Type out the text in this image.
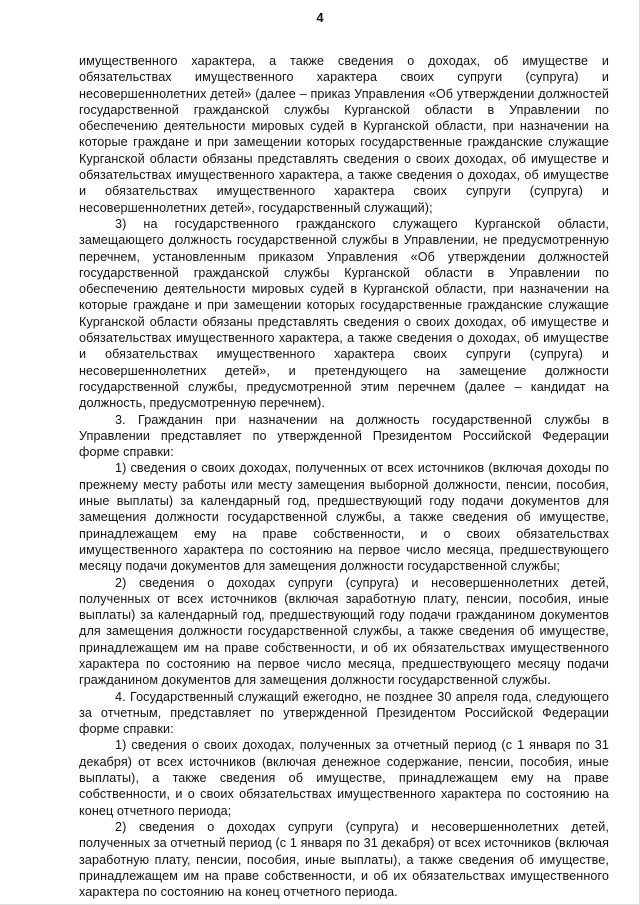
4

имущественного характера, а также сведения о доходах, об имуществе и обязательствах имущественного характера своих супруги (супруга) и несовершеннолетних детей» (далее – приказ Управления «Об утверждении должностей государственной гражданской службы Курганской области в Управлении по обеспечению деятельности мировых судей в Курганской области, при назначении на которые граждане и при замещении которых государственные гражданские служащие Курганской области обязаны представлять сведения о своих доходах, об имуществе и обязательствах имущественного характера, а также сведения о доходах, об имуществе и обязательствах имущественного характера своих супруги (супруга) и несовершеннолетних детей», государственный служащий);

3) на государственного гражданского служащего Курганской области, замещающего должность государственной службы в Управлении, не предусмотренную перечнем, установленным приказом Управления «Об утверждении должностей государственной гражданской службы Курганской области в Управлении по обеспечению деятельности мировых судей в Курганской области, при назначении на которые граждане и при замещении которых государственные гражданские служащие Курганской области обязаны представлять сведения о своих доходах, об имуществе и обязательствах имущественного характера, а также сведения о доходах, об имуществе и обязательствах имущественного характера своих супруги (супруга) и несовершеннолетних детей», и претендующего на замещение должности государственной службы, предусмотренной этим перечнем (далее – кандидат на должность, предусмотренную перечнем).

3. Гражданин при назначении на должность государственной службы в Управлении представляет по утвержденной Президентом Российской Федерации форме справки:

1) сведения о своих доходах, полученных от всех источников (включая доходы по прежнему месту работы или месту замещения выборной должности, пенсии, пособия, иные выплаты) за календарный год, предшествующий году подачи документов для замещения должности государственной службы, а также сведения об имуществе, принадлежащем ему на праве собственности, и о своих обязательствах имущественного характера по состоянию на первое число месяца, предшествующего месяцу подачи документов для замещения должности государственной службы;

2) сведения о доходах супруги (супруга) и несовершеннолетних детей, полученных от всех источников (включая заработную плату, пенсии, пособия, иные выплаты) за календарный год, предшествующий году подачи гражданином документов для замещения должности государственной службы, а также сведения об имуществе, принадлежащем им на праве собственности, и об их обязательствах имущественного характера по состоянию на первое число месяца, предшествующего месяцу подачи гражданином документов для замещения должности государственной службы.

4. Государственный служащий ежегодно, не позднее 30 апреля года, следующего за отчетным, представляет по утвержденной Президентом Российской Федерации форме справки:

1) сведения о своих доходах, полученных за отчетный период (с 1 января по 31 декабря) от всех источников (включая денежное содержание, пенсии, пособия, иные выплаты), а также сведения об имуществе, принадлежащем ему на праве собственности, и о своих обязательствах имущественного характера по состоянию на конец отчетного периода;

2) сведения о доходах супруги (супруга) и несовершеннолетних детей, полученных за отчетный период (с 1 января по 31 декабря) от всех источников (включая заработную плату, пенсии, пособия, иные выплаты), а также сведения об имуществе, принадлежащем им на праве собственности, и об их обязательствах имущественного характера по состоянию на конец отчетного периода.
